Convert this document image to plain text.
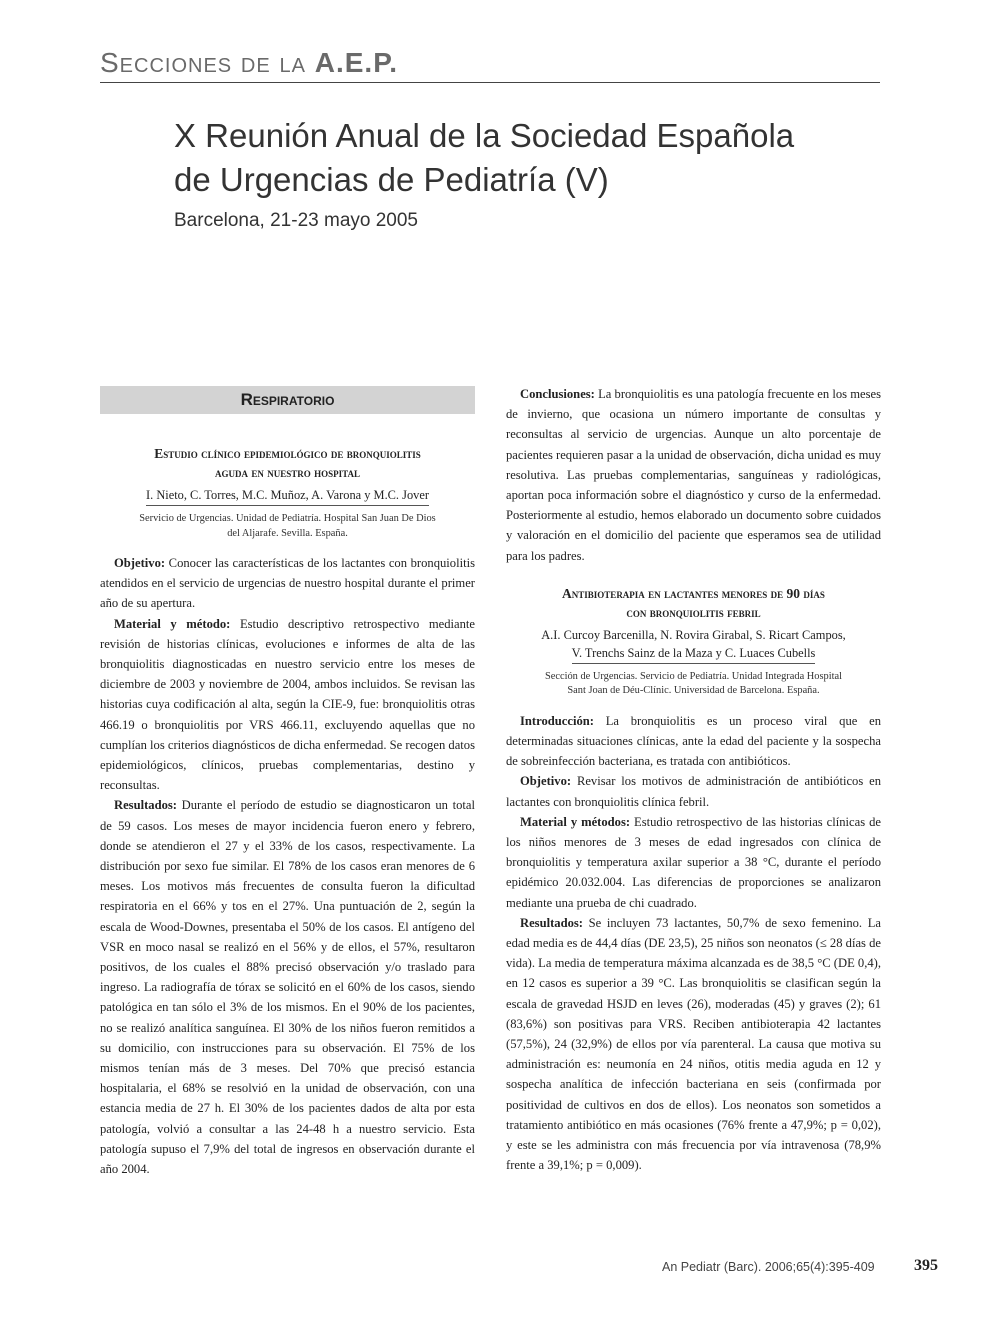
Secciones de la A.E.P.
X Reunión Anual de la Sociedad Española
de Urgencias de Pediatría (V)
Barcelona, 21-23 mayo 2005
Respiratorio
Estudio clínico epidemiológico de bronquiolitis
aguda en nuestro hospital

I. Nieto, C. Torres, M.C. Muñoz, A. Varona y M.C. Jover

Servicio de Urgencias. Unidad de Pediatría. Hospital San Juan De Dios
del Aljarafe. Sevilla. España.

Objetivo: Conocer las características de los lactantes con bronquiolitis atendidos en el servicio de urgencias de nuestro hospital durante el primer año de su apertura.

Material y método: Estudio descriptivo retrospectivo mediante revisión de historias clínicas, evoluciones e informes de alta de las bronquiolitis diagnosticadas en nuestro servicio entre los meses de diciembre de 2003 y noviembre de 2004, ambos incluidos. Se revisan las historias cuya codificación al alta, según la CIE-9, fue: bronquiolitis otras 466.19 o bronquiolitis por VRS 466.11, excluyendo aquellas que no cumplían los criterios diagnósticos de dicha enfermedad. Se recogen datos epidemiológicos, clínicos, pruebas complementarias, destino y reconsultas.

Resultados: Durante el período de estudio se diagnosticaron un total de 59 casos. Los meses de mayor incidencia fueron enero y febrero, donde se atendieron el 27 y el 33% de los casos, respectivamente. La distribución por sexo fue similar. El 78% de los casos eran menores de 6 meses. Los motivos más frecuentes de consulta fueron la dificultad respiratoria en el 66% y tos en el 27%. Una puntuación de 2, según la escala de Wood-Downes, presentaba el 50% de los casos. El antígeno del VSR en moco nasal se realizó en el 56% y de ellos, el 57%, resultaron positivos, de los cuales el 88% precisó observación y/o traslado para ingreso. La radiografía de tórax se solicitó en el 60% de los casos, siendo patológica en tan sólo el 3% de los mismos. En el 90% de los pacientes, no se realizó analítica sanguínea. El 30% de los niños fueron remitidos a su domicilio, con instrucciones para su observación. El 75% de los mismos tenían más de 3 meses. Del 70% que precisó estancia hospitalaria, el 68% se resolvió en la unidad de observación, con una estancia media de 27 h. El 30% de los pacientes dados de alta por esta patología, volvió a consultar a las 24-48 h a nuestro servicio. Esta patología supuso el 7,9% del total de ingresos en observación durante el año 2004.

Conclusiones: La bronquiolitis es una patología frecuente en los meses de invierno, que ocasiona un número importante de consultas y reconsultas al servicio de urgencias. Aunque un alto porcentaje de pacientes requieren pasar a la unidad de observación, dicha unidad es muy resolutiva. Las pruebas complementarias, sanguíneas y radiológicas, aportan poca información sobre el diagnóstico y curso de la enfermedad. Posteriormente al estudio, hemos elaborado un documento sobre cuidados y valoración en el domicilio del paciente que esperamos sea de utilidad para los padres.

Antibioterapia en lactantes menores de 90 días
con bronquiolitis febril

A.I. Curcoy Barcenilla, N. Rovira Girabal, S. Ricart Campos,
V. Trenchs Sainz de la Maza y C. Luaces Cubells

Sección de Urgencias. Servicio de Pediatría. Unidad Integrada Hospital
Sant Joan de Déu-Clínic. Universidad de Barcelona. España.

Introducción: La bronquiolitis es un proceso viral que en determinadas situaciones clínicas, ante la edad del paciente y la sospecha de sobreinfección bacteriana, es tratada con antibióticos.

Objetivo: Revisar los motivos de administración de antibióticos en lactantes con bronquiolitis clínica febril.

Material y métodos: Estudio retrospectivo de las historias clínicas de los niños menores de 3 meses de edad ingresados con clínica de bronquiolitis y temperatura axilar superior a 38 °C, durante el período epidémico 20.032.004. Las diferencias de proporciones se analizaron mediante una prueba de chi cuadrado.

Resultados: Se incluyen 73 lactantes, 50,7% de sexo femenino. La edad media es de 44,4 días (DE 23,5), 25 niños son neonatos (≤ 28 días de vida). La media de temperatura máxima alcanzada es de 38,5 °C (DE 0,4), en 12 casos es superior a 39 °C. Las bronquiolitis se clasifican según la escala de gravedad HSJD en leves (26), moderadas (45) y graves (2); 61 (83,6%) son positivas para VRS. Reciben antibioterapia 42 lactantes (57,5%), 24 (32,9%) de ellos por vía parenteral. La causa que motiva su administración es: neumonía en 24 niños, otitis media aguda en 12 y sospecha analítica de infección bacteriana en seis (confirmada por positividad de cultivos en dos de ellos). Los neonatos son sometidos a tratamiento antibiótico en más ocasiones (76% frente a 47,9%; p = 0,02), y este se les administra con más frecuencia por vía intravenosa (78,9% frente a 39,1%; p = 0,009).

An Pediatr (Barc). 2006;65(4):395-409 395
